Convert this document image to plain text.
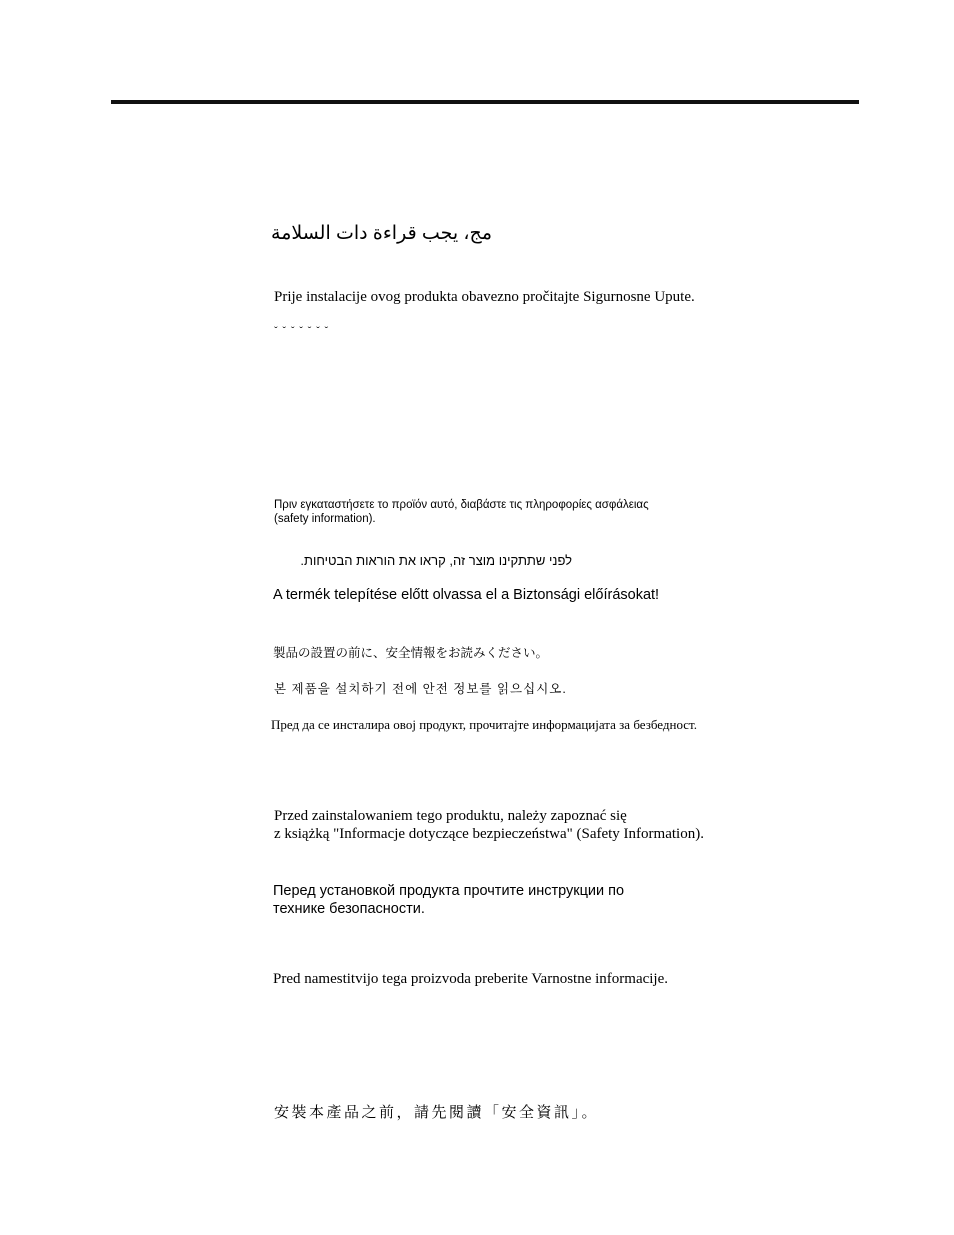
مج، يجب قراءة دات السلامة
Prije instalacije ovog produkta obavezno pročitajte Sigurnosne Upute.
ˇ ˇ ˇ ˇ ˇ ˇ ˇ
Πριν εγκαταστήσετε το προϊόν αυτό, διαβάστε τις πληροφορίες ασφάλειας
(safety information).
לפני שתתקינו מוצר זה, קראו את הוראות הבטיחות.
A termék telepítése előtt olvassa el a Biztonsági előírásokat!
製品の設置の前に、安全情報をお読みください。
본 제품을 설치하기 전에 안전 정보를 읽으십시오.
Пред да се инсталира овој продукт, прочитајте информацијата за безбедност.
Przed zainstalowaniem tego produktu, należy zapoznać się
z książką "Informacje dotyczące bezpieczeństwa" (Safety Information).
Перед установкой продукта прочтите инструкции по
технике безопасности.
Pred namestitvijo tega proizvoda preberite Varnostne informacije.
安裝本產品之前，請先閱讀「安全資訊」。
